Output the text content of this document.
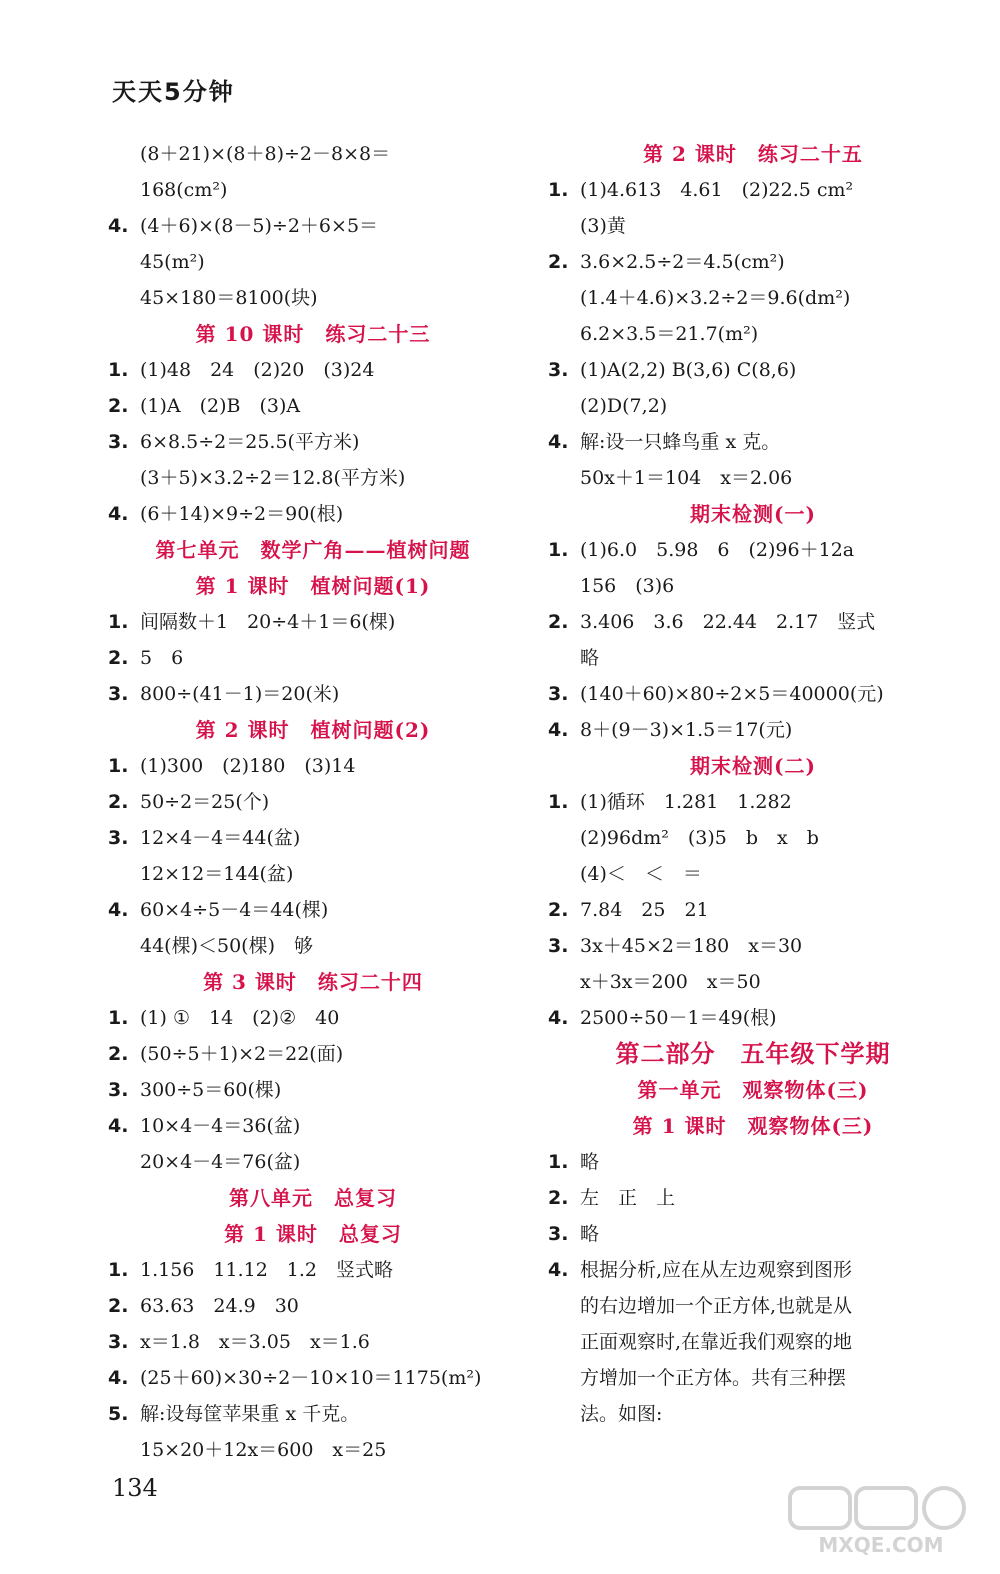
天天5分钟
(8＋21)×(8＋8)÷2－8×8＝
168(cm²)
4. (4＋6)×(8－5)÷2＋6×5＝
45(m²)
45×180＝8100(块)
第 10 课时　练习二十三
1. (1)48　24　(2)20　(3)24
2. (1)A　(2)B　(3)A
3. 6×8.5÷2＝25.5(平方米)
(3＋5)×3.2÷2＝12.8(平方米)
4. (6＋14)×9÷2＝90(根)
第七单元　数学广角——植树问题
第 1 课时　植树问题(1)
1. 间隔数＋1　20÷4＋1＝6(棵)
2. 5　6
3. 800÷(41－1)＝20(米)
第 2 课时　植树问题(2)
1. (1)300　(2)180　(3)14
2. 50÷2＝25(个)
3. 12×4－4＝44(盆)
12×12＝144(盆)
4. 60×4÷5－4＝44(棵)
44(棵)＜50(棵)　够
第 3 课时　练习二十四
1. (1) ①　14　(2)②　40
2. (50÷5＋1)×2＝22(面)
3. 300÷5＝60(棵)
4. 10×4－4＝36(盆)
20×4－4＝76(盆)
第八单元　总复习
第 1 课时　总复习
1. 1.156　11.12　1.2　竖式略
2. 63.63　24.9　30
3. x＝1.8　x＝3.05　x＝1.6
4. (25＋60)×30÷2－10×10＝1175(m²)
5. 解:设每筐苹果重 x 千克。
15×20＋12x＝600　x＝25
第 2 课时　练习二十五
1. (1)4.613　4.61　(2)22.5 cm²
(3)黄
2. 3.6×2.5÷2＝4.5(cm²)
(1.4＋4.6)×3.2÷2＝9.6(dm²)
6.2×3.5＝21.7(m²)
3. (1)A(2,2) B(3,6) C(8,6)
(2)D(7,2)
4. 解:设一只蜂鸟重 x 克。
50x＋1＝104　x＝2.06
期末检测(一)
1. (1)6.0　5.98　6　(2)96＋12a
156　(3)6
2. 3.406　3.6　22.44　2.17　竖式
略
3. (140＋60)×80÷2×5＝40000(元)
4. 8＋(9－3)×1.5＝17(元)
期末检测(二)
1. (1)循环　1.281　1.282
(2)96dm²　(3)5　b　x　b
(4)＜　＜　＝
2. 7.84　25　21
3. 3x＋45×2＝180　x＝30
x＋3x＝200　x＝50
4. 2500÷50－1＝49(根)
第二部分　五年级下学期
第一单元　观察物体(三)
第 1 课时　观察物体(三)
1. 略
2. 左　正　上
3. 略
4. 根据分析,应在从左边观察到图形
的右边增加一个正方体,也就是从
正面观察时,在靠近我们观察的地
方增加一个正方体。共有三种摆
法。如图:
134
MXQE.COM
